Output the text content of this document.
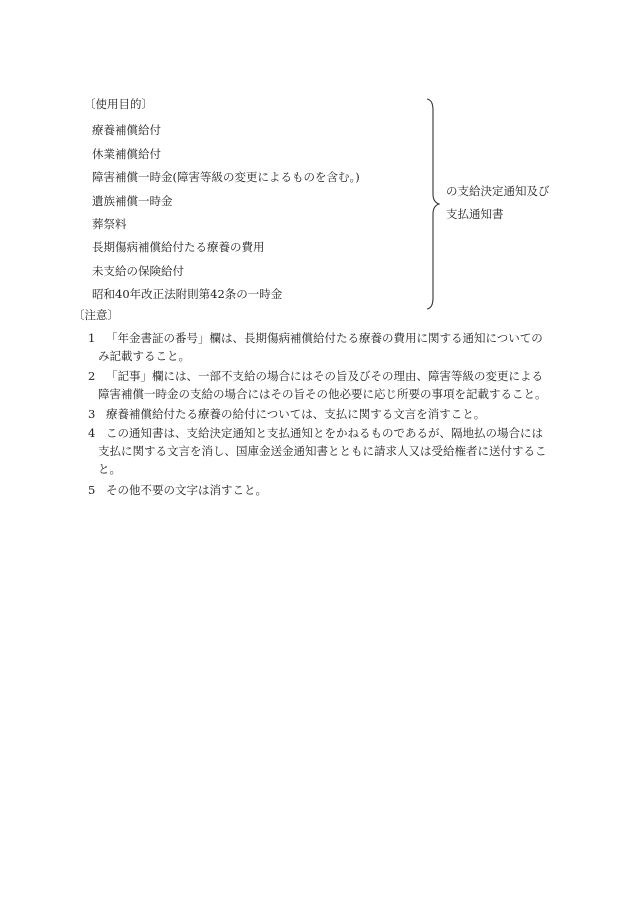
〔使用目的〕
療養補償給付
休業補償給付
障害補償一時金(障害等級の変更によるものを含む。)
遺族補償一時金
葬祭料
長期傷病補償給付たる療養の費用
未支給の保険給付
昭和40年改正法附則第42条の一時金
の支給決定通知及び
支払通知書
〔注意〕
1 「年金書証の番号」欄は、長期傷病補償給付たる療養の費用に関する通知についての
み記載すること。
2 「記事」欄には、一部不支給の場合にはその旨及びその理由、障害等級の変更による
障害補償一時金の支給の場合にはその旨その他必要に応じ所要の事項を記載すること。
3 療養補償給付たる療養の給付については、支払に関する文言を消すこと。
4 この通知書は、支給決定通知と支払通知とをかねるものであるが、隔地払の場合には
支払に関する文言を消し、国庫金送金通知書とともに請求人又は受給権者に送付するこ
と。
5 その他不要の文字は消すこと。
